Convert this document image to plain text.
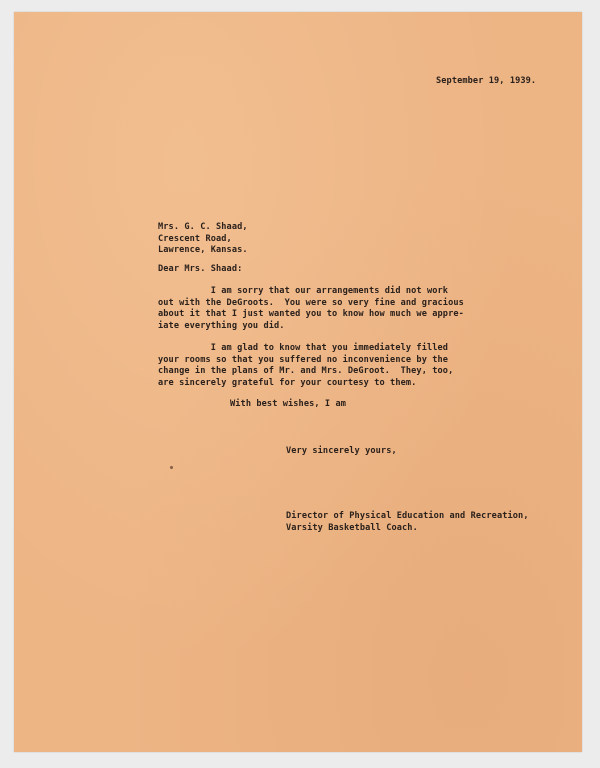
September 19, 1939.
Mrs. G. C. Shaad,
Crescent Road,
Lawrence, Kansas.
Dear Mrs. Shaad:
I am sorry that our arrangements did not work
out with the DeGroots.  You were so very fine and gracious
about it that I just wanted you to know how much we appre-
iate everything you did.
I am glad to know that you immediately filled
your rooms so that you suffered no inconvenience by the
change in the plans of Mr. and Mrs. DeGroot.  They, too,
are sincerely grateful for your courtesy to them.
With best wishes, I am
Very sincerely yours,
Director of Physical Education and Recreation,
Varsity Basketball Coach.
